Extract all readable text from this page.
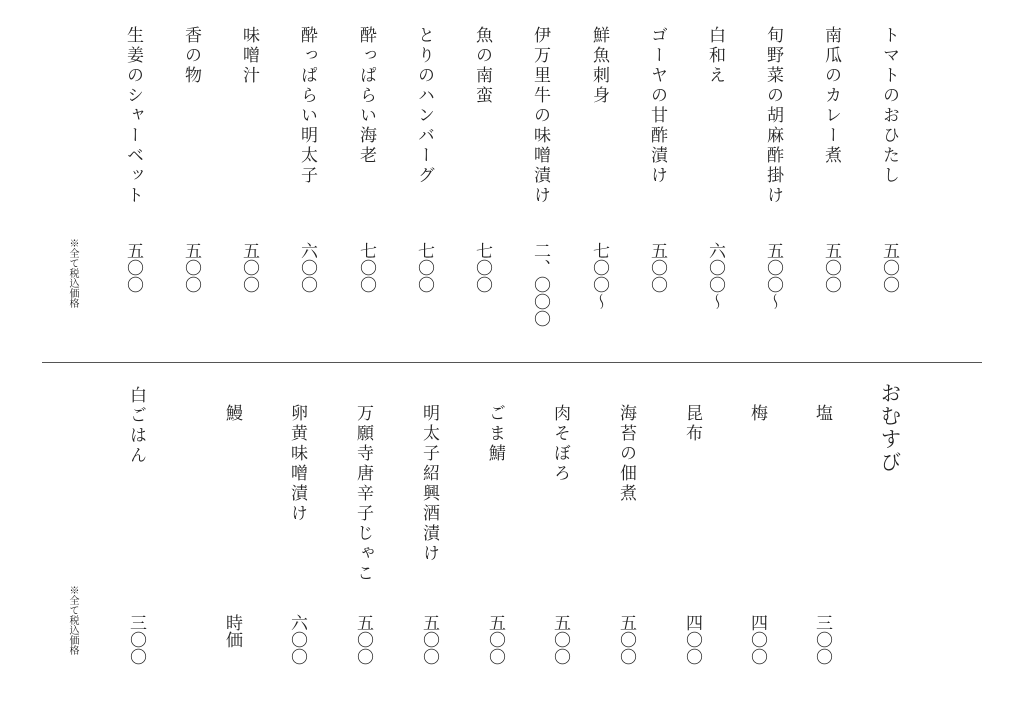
トマトのおひたし
五〇〇
南瓜のカレー煮
五〇〇
旬野菜の胡麻酢掛け
五〇〇〜
白和え
六〇〇〜
ゴーヤの甘酢漬け
五〇〇
鮮魚刺身
七〇〇〜
伊万里牛の味噌漬け
二、〇〇〇
魚の南蛮
七〇〇
とりのハンバーグ
七〇〇
酔っぱらい海老
七〇〇
酔っぱらい明太子
六〇〇
味噌汁
五〇〇
香の物
五〇〇
生姜のシャーベット
五〇〇
※全て税込価格
おむすび
塩
三〇〇
梅
四〇〇
昆布
四〇〇
海苔の佃煮
五〇〇
肉そぼろ
五〇〇
ごま鯖
五〇〇
明太子紹興酒漬け
五〇〇
万願寺唐辛子じゃこ
五〇〇
卵黄味噌漬け
六〇〇
鰻
時価
白ごはん
三〇〇
※全て税込価格
